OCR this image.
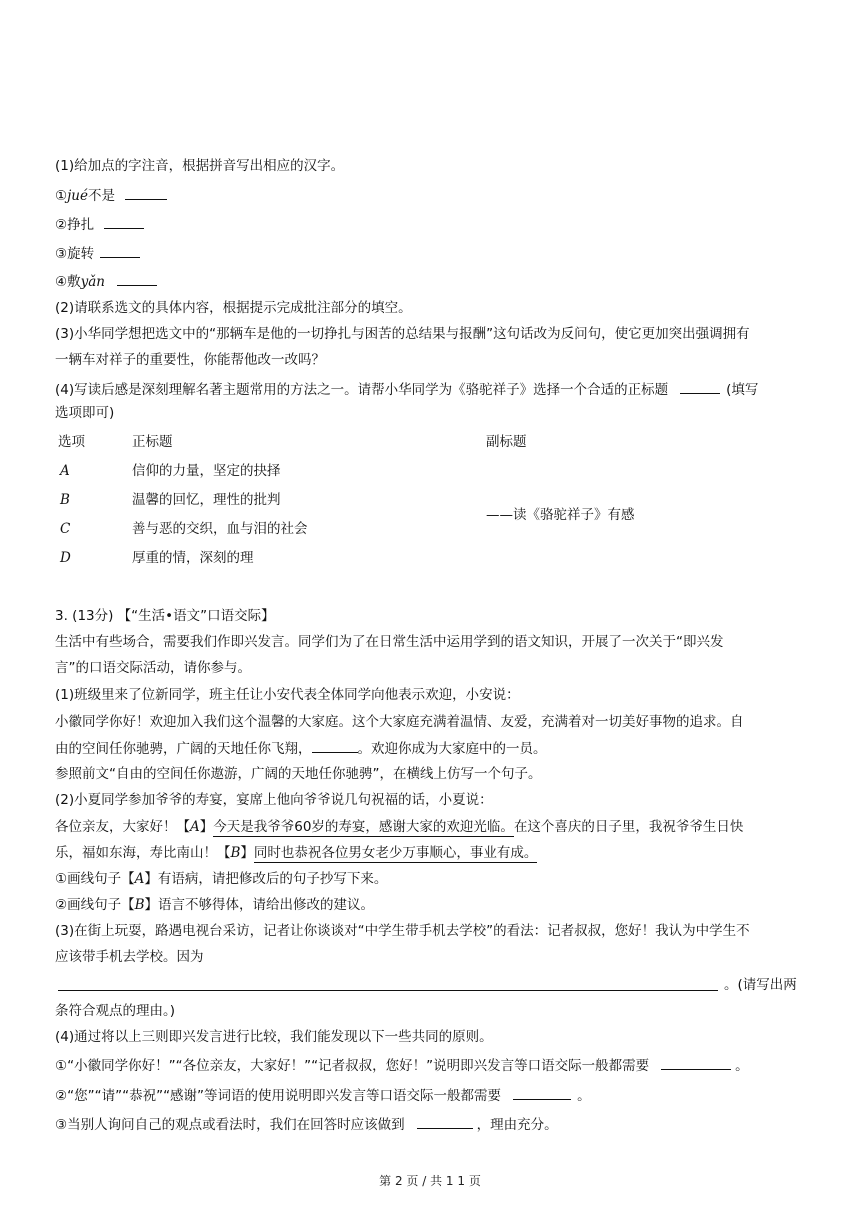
(1)给加点的字注音，根据拼音写出相应的汉字。
①jué不是
②挣扎
③旋转
④敷yǎn
(2)请联系选文的具体内容，根据提示完成批注部分的填空。
(3)小华同学想把选文中的“那辆车是他的一切挣扎与困苦的总结果与报酬”这句话改为反问句，使它更加突出强调拥有
一辆车对祥子的重要性，你能帮他改一改吗？
(4)写读后感是深刻理解名著主题常用的方法之一。请帮小华同学为《骆驼祥子》选择一个合适的正标题	(填写
选项即可)
选项	正标题	副标题
A	信仰的力量，坚定的抉择
B	温馨的回忆，理性的批判
C	善与恶的交织，血与泪的社会
D	厚重的情，深刻的理
——读《骆驼祥子》有感
3. (13分) 【“生活•语文”口语交际】
生活中有些场合，需要我们作即兴发言。同学们为了在日常生活中运用学到的语文知识，开展了一次关于“即兴发
言”的口语交际活动，请你参与。
(1)班级里来了位新同学，班主任让小安代表全体同学向他表示欢迎，小安说：
小徽同学你好！欢迎加入我们这个温馨的大家庭。这个大家庭充满着温情、友爱，充满着对一切美好事物的追求。自
由的空间任你驰骋，广阔的天地任你飞翔，	。欢迎你成为大家庭中的一员。
参照前文“自由的空间任你遨游，广阔的天地任你驰骋”，在横线上仿写一个句子。
(2)小夏同学参加爷爷的寿宴，宴席上他向爷爷说几句祝福的话，小夏说：
各位亲友，大家好！【A】今天是我爷爷60岁的寿宴，感谢大家的欢迎光临。在这个喜庆的日子里，我祝爷爷生日快
乐，福如东海，寿比南山！【B】同时也恭祝各位男女老少万事顺心，事业有成。
①画线句子【A】有语病，请把修改后的句子抄写下来。
②画线句子【B】语言不够得体，请给出修改的建议。
(3)在街上玩耍，路遇电视台采访，记者让你谈谈对“中学生带手机去学校”的看法：记者叔叔，您好！我认为中学生不
应该带手机去学校。因为
。(请写出两
条符合观点的理由。)
(4)通过将以上三则即兴发言进行比较，我们能发现以下一些共同的原则。
①“小徽同学你好！”“各位亲友，大家好！”“记者叔叔，您好！”说明即兴发言等口语交际一般都需要	。
②“您”“请”“恭祝”“感谢”等词语的使用说明即兴发言等口语交际一般都需要	。
③当别人询问自己的观点或看法时，我们在回答时应该做到	，理由充分。
第 2 页 / 共 1 1 页
